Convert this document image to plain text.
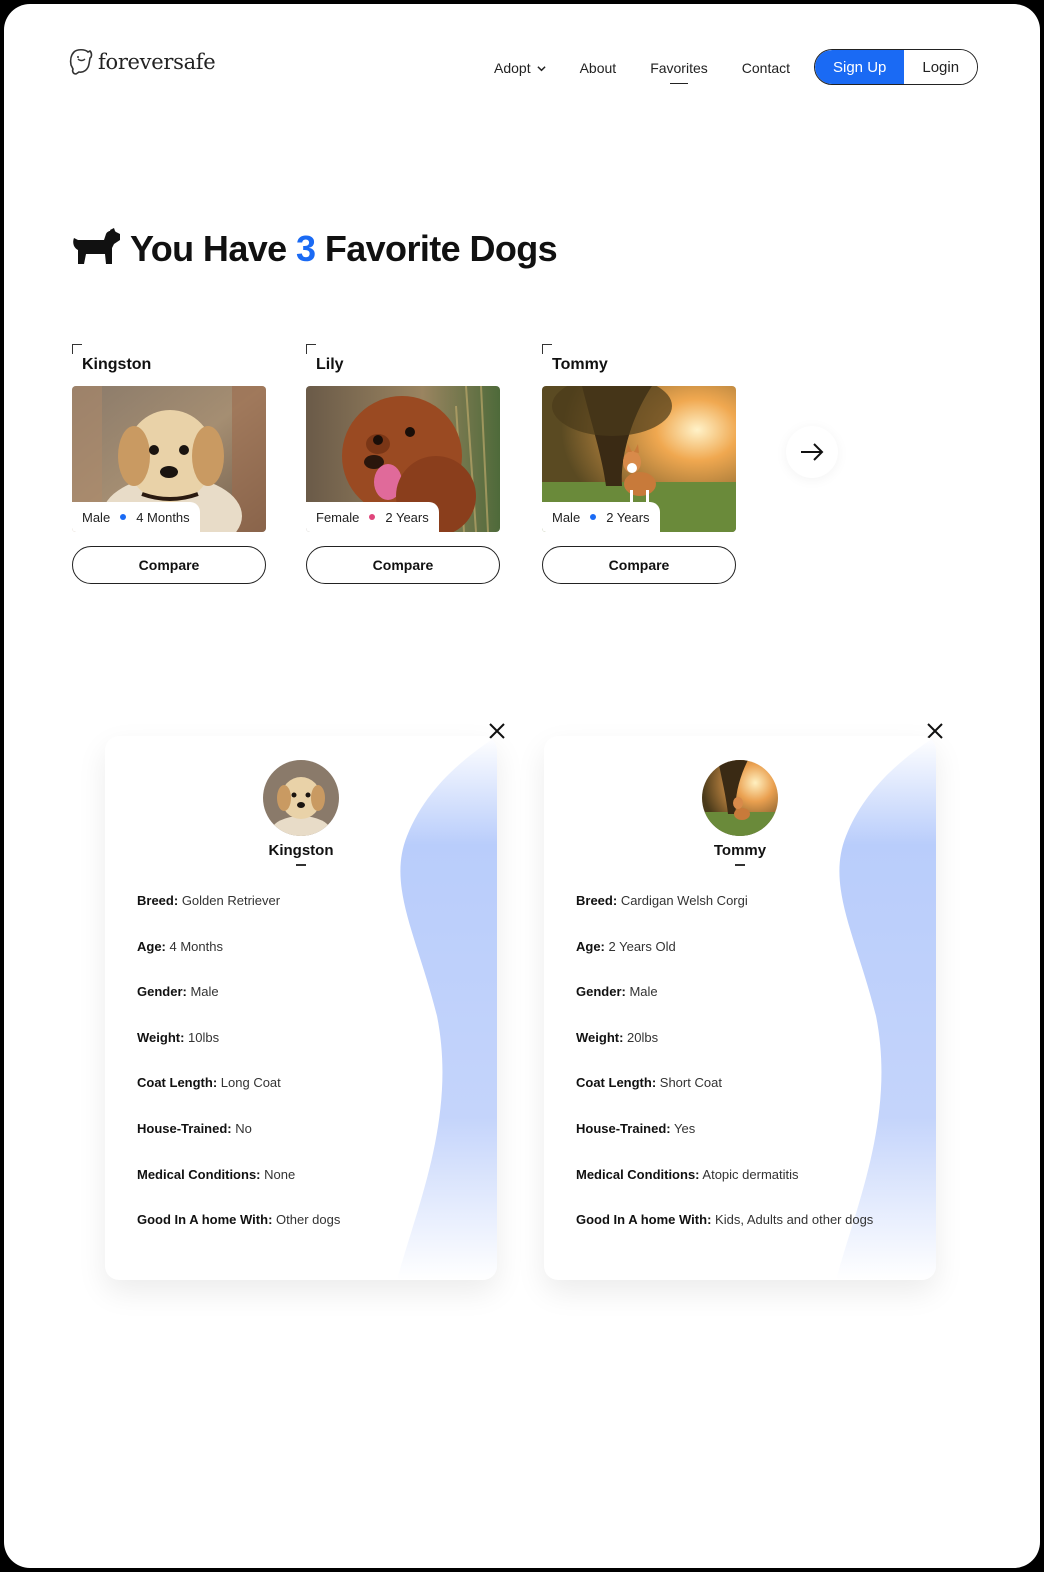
foreversafe	Adopt	About Favorites Contact	Sign Up	Login
You Have 3 Favorite Dogs
Kingston
Male 4 Months
Compare
Lily
Female 2 Years
Compare
Tommy
Male 2 Years
Compare
Kingston
Breed: Golden Retriever
Age: 4 Months
Gender: Male
Weight: 10lbs
Coat Length: Long Coat
House-Trained: No
Medical Conditions: None
Good In A home With: Other dogs
Tommy
Breed: Cardigan Welsh Corgi
Age: 2 Years Old
Gender: Male
Weight: 20lbs
Coat Length: Short Coat
House-Trained: Yes
Medical Conditions: Atopic dermatitis
Good In A home With: Kids, Adults and other dogs
